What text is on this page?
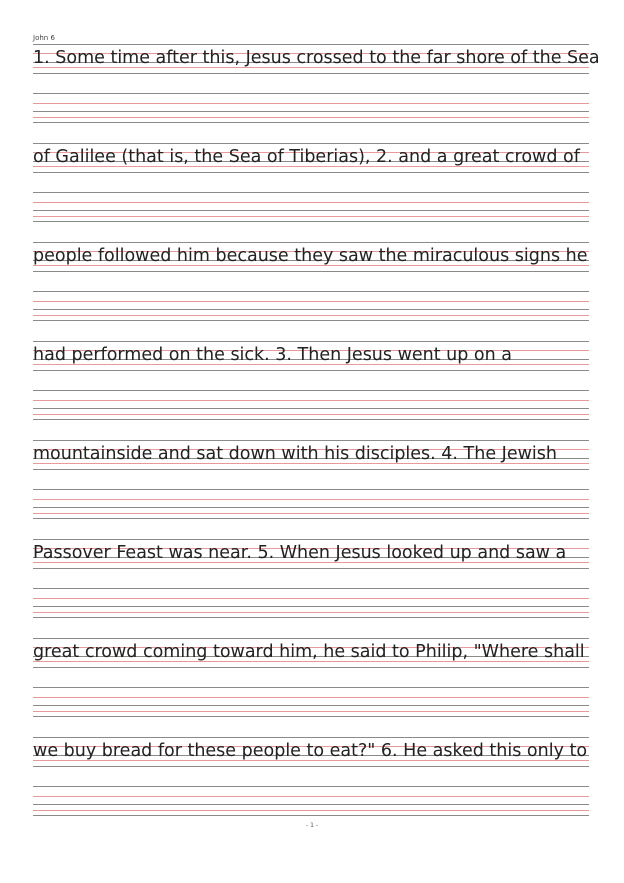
John 6
1. Some time after this, Jesus crossed to the far shore of the Sea
of Galilee (that is, the Sea of Tiberias), 2. and a great crowd of
people followed him because they saw the miraculous signs he
had performed on the sick. 3. Then Jesus went up on a
mountainside and sat down with his disciples. 4. The Jewish
Passover Feast was near. 5. When Jesus looked up and saw a
great crowd coming toward him, he said to Philip, "Where shall
we buy bread for these people to eat?" 6. He asked this only to
- 1 -
